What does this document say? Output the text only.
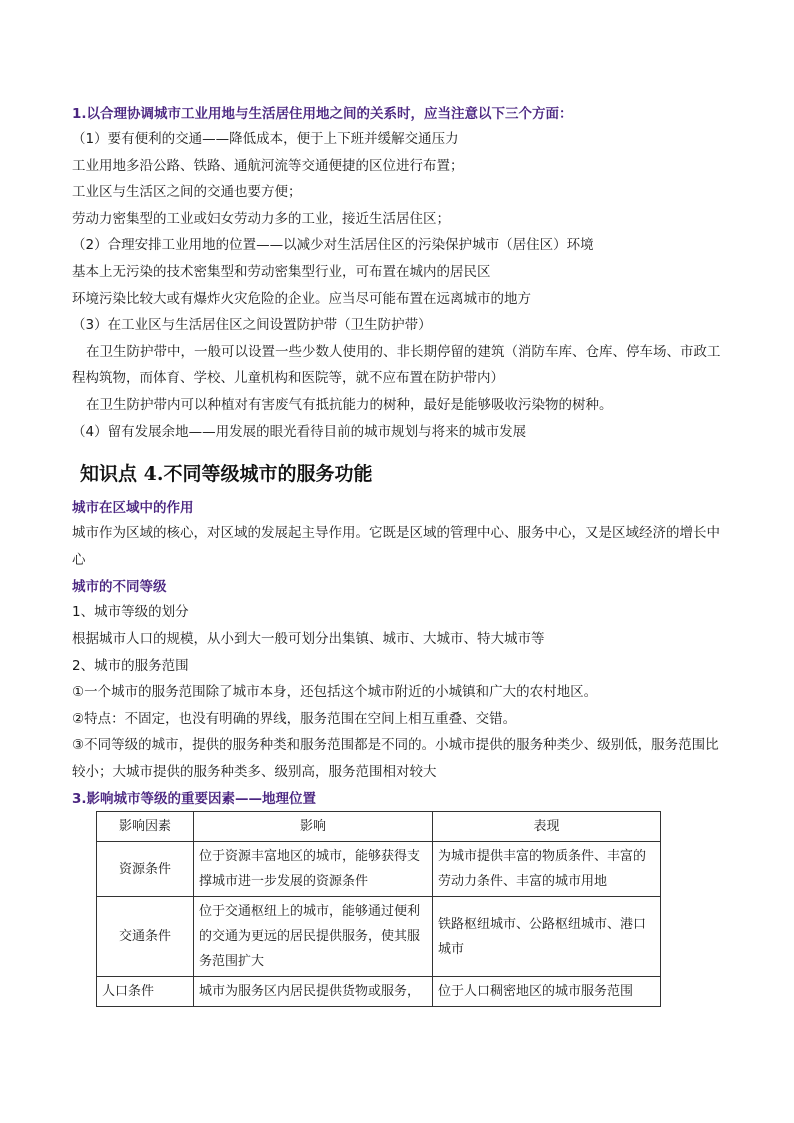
1.以合理协调城市工业用地与生活居住用地之间的关系时，应当注意以下三个方面：
（1）要有便利的交通——降低成本，便于上下班并缓解交通压力
工业用地多沿公路、铁路、通航河流等交通便捷的区位进行布置；
工业区与生活区之间的交通也要方便；
劳动力密集型的工业或妇女劳动力多的工业，接近生活居住区；
（2）合理安排工业用地的位置——以减少对生活居住区的污染保护城市（居住区）环境
基本上无污染的技术密集型和劳动密集型行业，可布置在城内的居民区
环境污染比较大或有爆炸火灾危险的企业。应当尽可能布置在远离城市的地方
（3）在工业区与生活居住区之间设置防护带（卫生防护带）
在卫生防护带中，一般可以设置一些少数人使用的、非长期停留的建筑（消防车库、仓库、停车场、市政工程构筑物，而体育、学校、儿童机构和医院等，就不应布置在防护带内）
在卫生防护带内可以种植对有害废气有抵抗能力的树种，最好是能够吸收污染物的树种。
（4）留有发展余地——用发展的眼光看待目前的城市规划与将来的城市发展
知识点 4.不同等级城市的服务功能
城市在区域中的作用
城市作为区域的核心，对区域的发展起主导作用。它既是区域的管理中心、服务中心，又是区域经济的增长中心
城市的不同等级
1、城市等级的划分
根据城市人口的规模，从小到大一般可划分出集镇、城市、大城市、特大城市等
2、城市的服务范围
①一个城市的服务范围除了城市本身，还包括这个城市附近的小城镇和广大的农村地区。
②特点：不固定，也没有明确的界线，服务范围在空间上相互重叠、交错。
③不同等级的城市，提供的服务种类和服务范围都是不同的。小城市提供的服务种类少、级别低，服务范围比较小；大城市提供的服务种类多、级别高，服务范围相对较大
3.影响城市等级的重要因素——地理位置
影响因素	影响	表现
资源条件	位于资源丰富地区的城市，能够获得支撑城市进一步发展的资源条件	为城市提供丰富的物质条件、丰富的劳动力条件、丰富的城市用地
交通条件	位于交通枢纽上的城市，能够通过便利的交通为更远的居民提供服务，使其服务范围扩大	铁路枢纽城市、公路枢纽城市、港口城市
人口条件	城市为服务区内居民提供货物或服务，	位于人口稠密地区的城市服务范围
